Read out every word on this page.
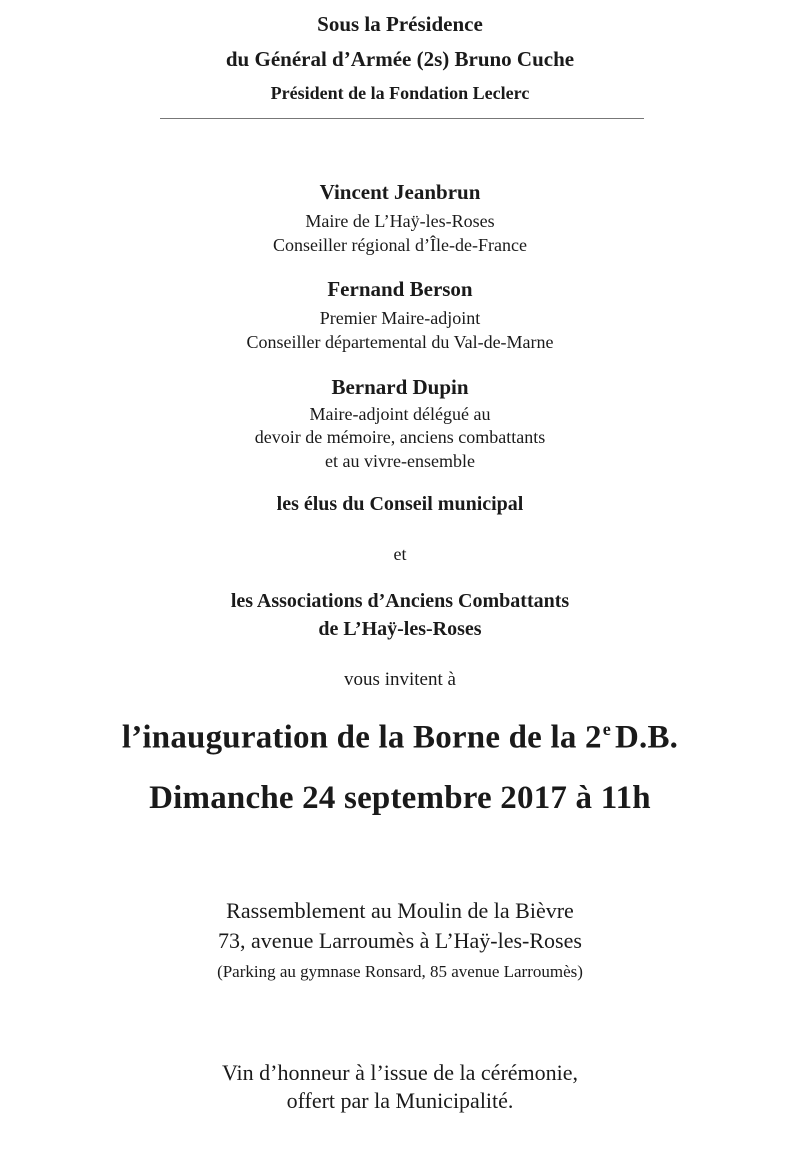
Sous la Présidence
du Général d’Armée (2s) Bruno Cuche
Président de la Fondation Leclerc
Vincent Jeanbrun
Maire de L’Haÿ-les-Roses
Conseiller régional d’Île-de-France
Fernand Berson
Premier Maire-adjoint
Conseiller départemental du Val-de-Marne
Bernard Dupin
Maire-adjoint délégué au
devoir de mémoire, anciens combattants
et au vivre-ensemble
les élus du Conseil municipal
et
les Associations d’Anciens Combattants
de L’Haÿ-les-Roses
vous invitent à
l’inauguration de la Borne de la 2e D.B.
Dimanche 24 septembre 2017 à 11h
Rassemblement au Moulin de la Bièvre
73, avenue Larroumès à L’Haÿ-les-Roses
(Parking au gymnase Ronsard, 85 avenue Larroumès)
Vin d’honneur à l’issue de la cérémonie,
offert par la Municipalité.
